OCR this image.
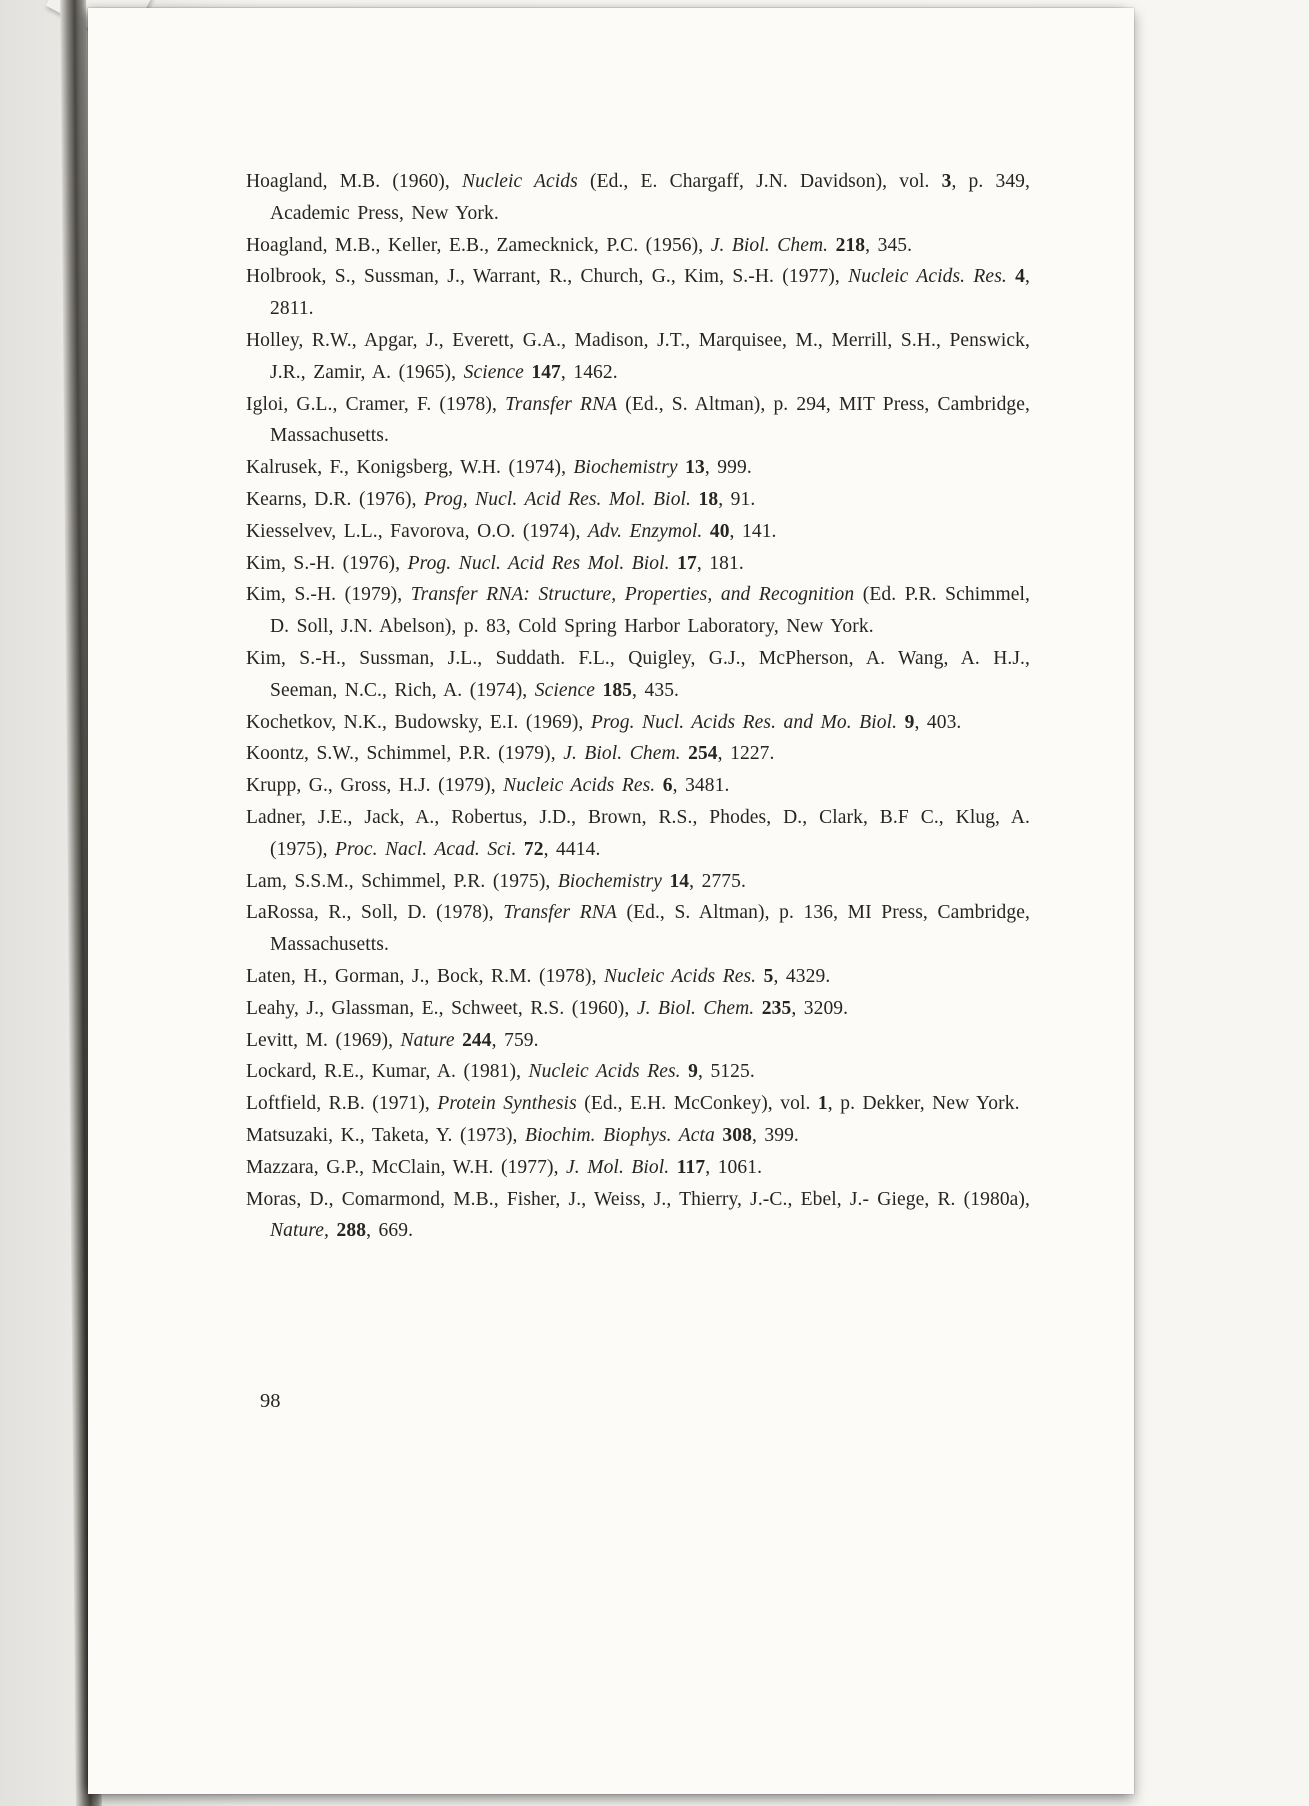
Hoagland, M.B. (1960), Nucleic Acids (Ed., E. Chargaff, J.N. Davidson), vol. 3, p. 349, Academic Press, New York.

Hoagland, M.B., Keller, E.B., Zamecknick, P.C. (1956), J. Biol. Chem. 218, 345.

Holbrook, S., Sussman, J., Warrant, R., Church, G., Kim, S.-H. (1977), Nucleic Acids. Res. 4, 2811.

Holley, R.W., Apgar, J., Everett, G.A., Madison, J.T., Marquisee, M., Merrill, S.H., Penswick, J.R., Zamir, A. (1965), Science 147, 1462.

Igloi, G.L., Cramer, F. (1978), Transfer RNA (Ed., S. Altman), p. 294, MIT Press, Cambridge, Massachusetts.

Kalrusek, F., Konigsberg, W.H. (1974), Biochemistry 13, 999.

Kearns, D.R. (1976), Prog, Nucl. Acid Res. Mol. Biol. 18, 91.

Kiesselvev, L.L., Favorova, O.O. (1974), Adv. Enzymol. 40, 141.

Kim, S.-H. (1976), Prog. Nucl. Acid Res Mol. Biol. 17, 181.

Kim, S.-H. (1979), Transfer RNA: Structure, Properties, and Recognition (Ed. P.R. Schimmel, D. Soll, J.N. Abelson), p. 83, Cold Spring Harbor Laboratory, New York.

Kim, S.-H., Sussman, J.L., Suddath. F.L., Quigley, G.J., McPherson, A. Wang, A. H.J., Seeman, N.C., Rich, A. (1974), Science 185, 435.

Kochetkov, N.K., Budowsky, E.I. (1969), Prog. Nucl. Acids Res. and Mo. Biol. 9, 403.

Koontz, S.W., Schimmel, P.R. (1979), J. Biol. Chem. 254, 1227.

Krupp, G., Gross, H.J. (1979), Nucleic Acids Res. 6, 3481.

Ladner, J.E., Jack, A., Robertus, J.D., Brown, R.S., Phodes, D., Clark, B.F C., Klug, A. (1975), Proc. Nacl. Acad. Sci. 72, 4414.

Lam, S.S.M., Schimmel, P.R. (1975), Biochemistry 14, 2775.

LaRossa, R., Soll, D. (1978), Transfer RNA (Ed., S. Altman), p. 136, MI Press, Cambridge, Massachusetts.

Laten, H., Gorman, J., Bock, R.M. (1978), Nucleic Acids Res. 5, 4329.

Leahy, J., Glassman, E., Schweet, R.S. (1960), J. Biol. Chem. 235, 3209.

Levitt, M. (1969), Nature 244, 759.

Lockard, R.E., Kumar, A. (1981), Nucleic Acids Res. 9, 5125.

Loftfield, R.B. (1971), Protein Synthesis (Ed., E.H. McConkey), vol. 1, p. Dekker, New York.

Matsuzaki, K., Taketa, Y. (1973), Biochim. Biophys. Acta 308, 399.

Mazzara, G.P., McClain, W.H. (1977), J. Mol. Biol. 117, 1061.

Moras, D., Comarmond, M.B., Fisher, J., Weiss, J., Thierry, J.-C., Ebel, J.- Giege, R. (1980a), Nature, 288, 669.

98
